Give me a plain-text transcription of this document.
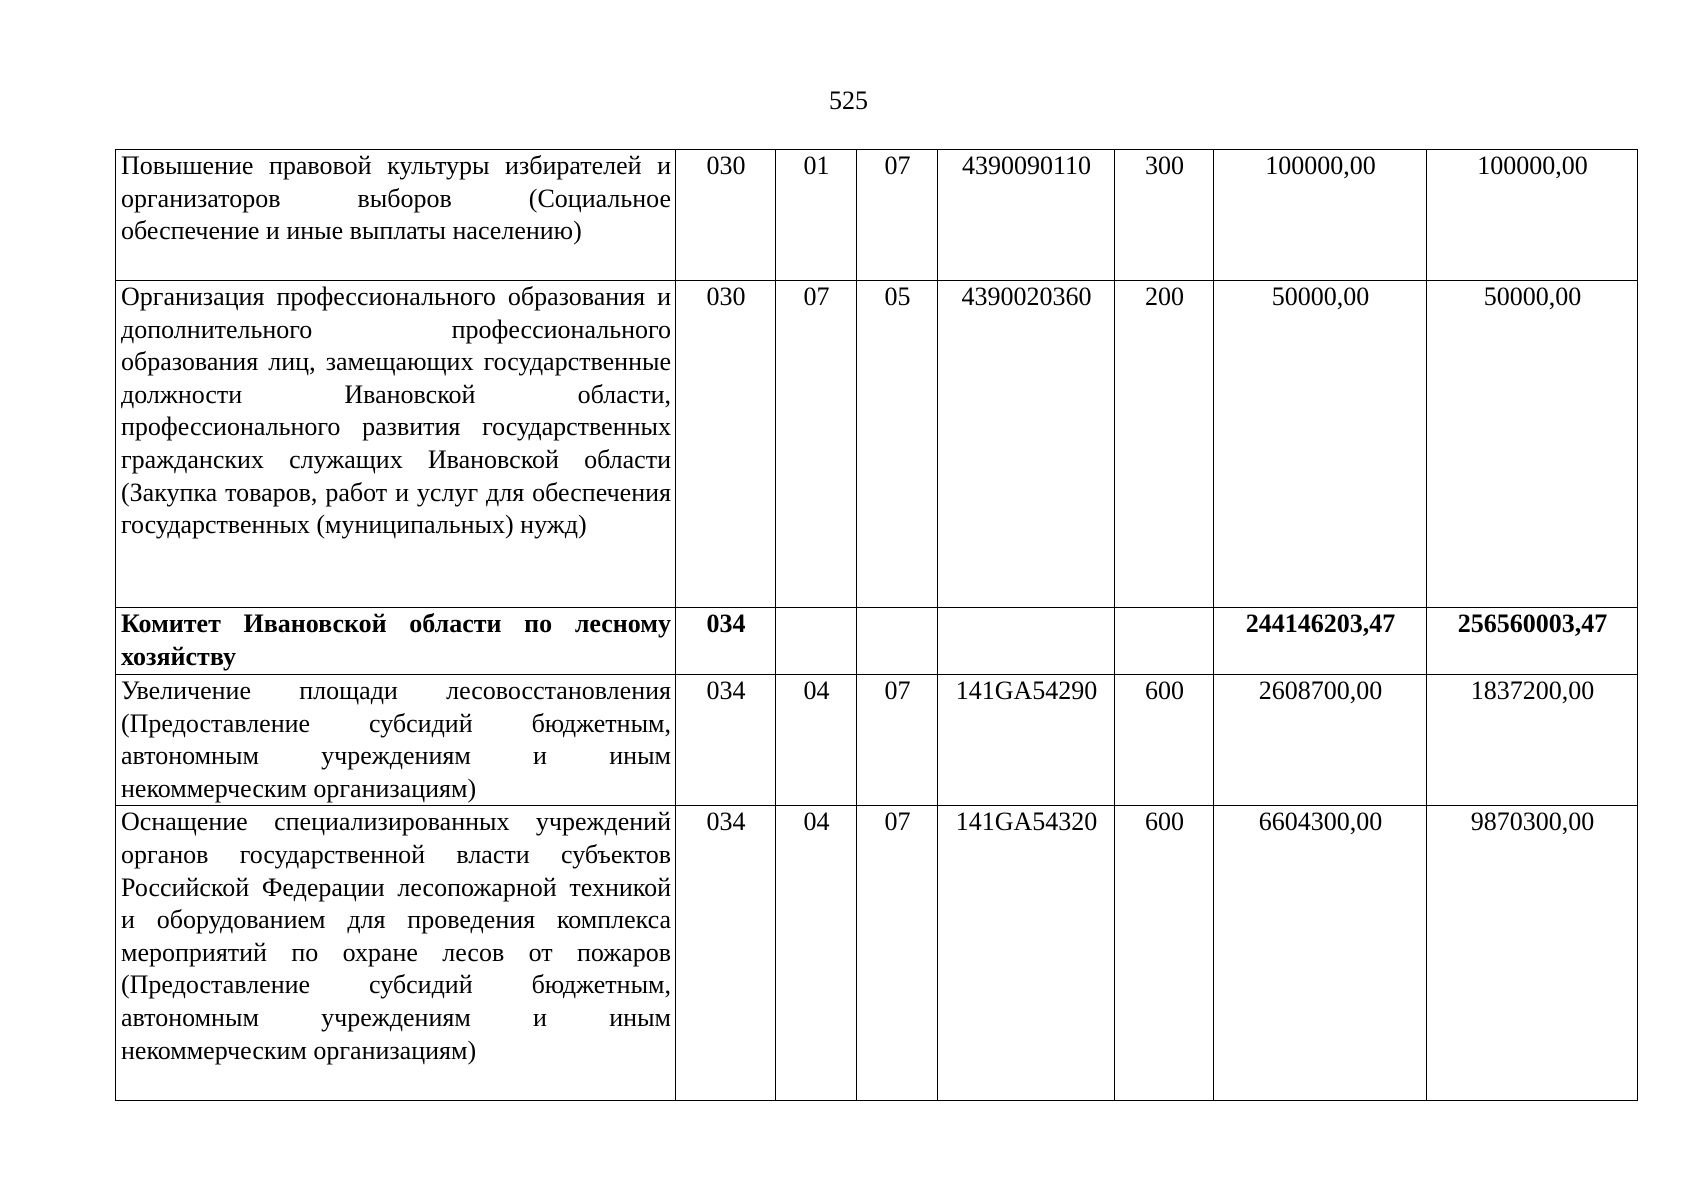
525
Повышение правовой культуры избирателей и организаторов выборов (Социальное обеспечение и иные выплаты населению)	030	01	07	4390090110	300	100000,00	100000,00
Организация профессионального образования и дополнительного профессионального образования лиц, замещающих государственные должности Ивановской области, профессионального развития государственных гражданских служащих Ивановской области (Закупка товаров, работ и услуг для обеспечения государственных (муниципальных) нужд)	030	07	05	4390020360	200	50000,00	50000,00
Комитет Ивановской области по лесному хозяйству	034					244146203,47	256560003,47
Увеличение площади лесовосстановления (Предоставление субсидий бюджетным, автономным учреждениям и иным некоммерческим организациям)	034	04	07	141GA54290	600	2608700,00	1837200,00
Оснащение специализированных учреждений органов государственной власти субъектов Российской Федерации лесопожарной техникой и оборудованием для проведения комплекса мероприятий по охране лесов от пожаров (Предоставление субсидий бюджетным, автономным учреждениям и иным некоммерческим организациям)	034	04	07	141GA54320	600	6604300,00	9870300,00
